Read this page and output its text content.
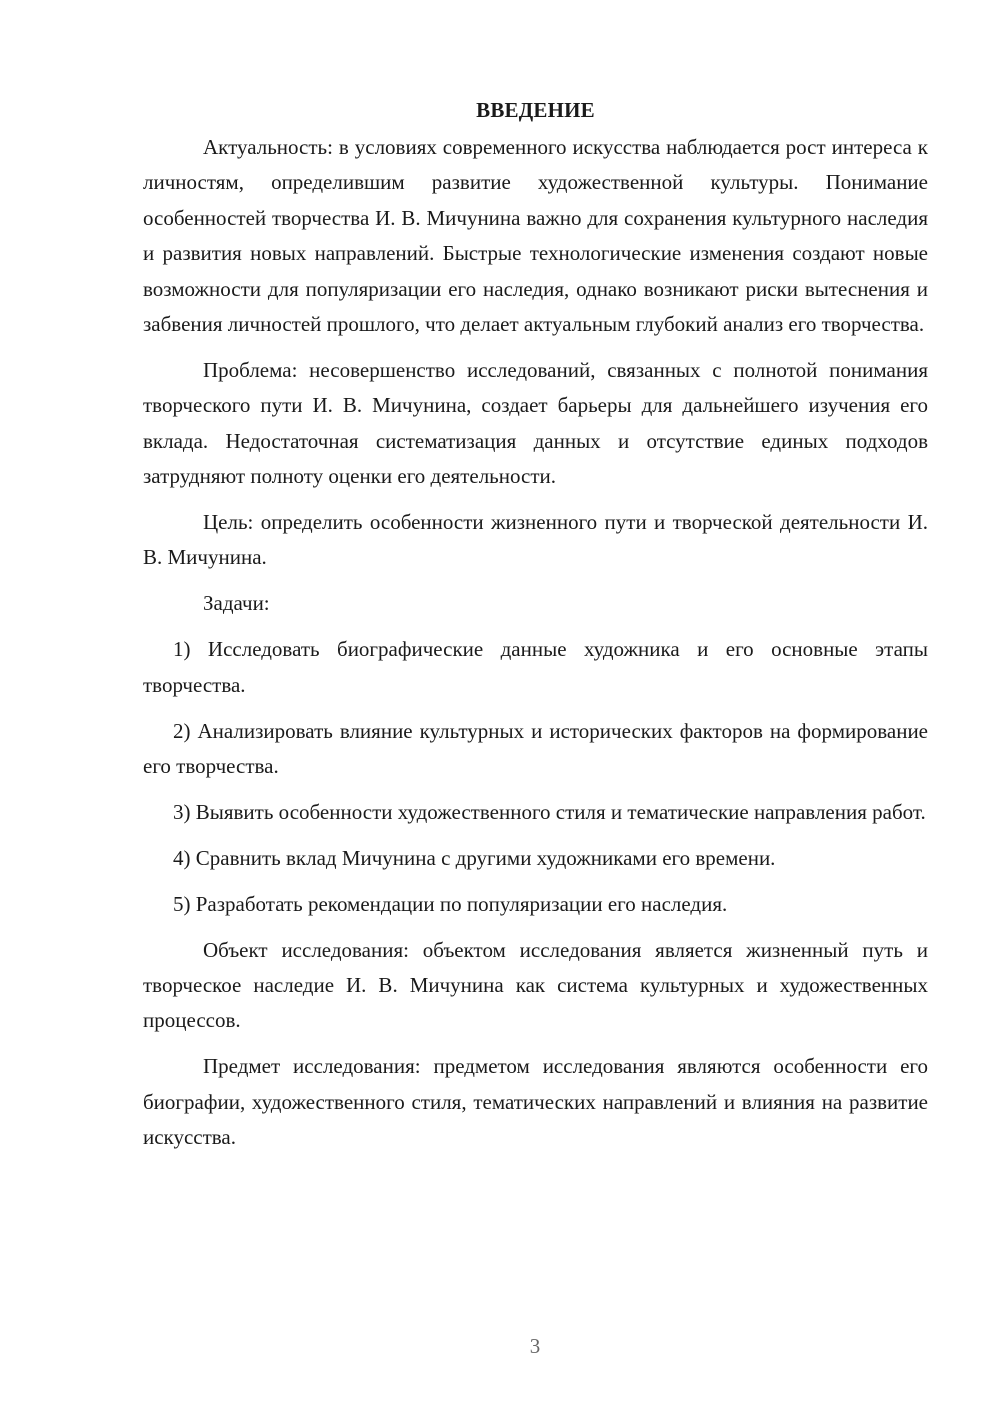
ВВЕДЕНИЕ

Актуальность: в условиях современного искусства наблюдается рост интереса к личностям, определившим развитие художественной культуры. Понимание особенностей творчества И. В. Мичунина важно для сохранения культурного наследия и развития новых направлений. Быстрые технологические изменения создают новые возможности для популяризации его наследия, однако возникают риски вытеснения и забвения личностей прошлого, что делает актуальным глубокий анализ его творчества.

Проблема: несовершенство исследований, связанных с полнотой понимания творческого пути И. В. Мичунина, создает барьеры для дальнейшего изучения его вклада. Недостаточная систематизация данных и отсутствие единых подходов затрудняют полноту оценки его деятельности.

Цель: определить особенности жизненного пути и творческой деятельности И. В. Мичунина.

Задачи:

1) Исследовать биографические данные художника и его основные этапы творчества.

2) Анализировать влияние культурных и исторических факторов на формирование его творчества.

3) Выявить особенности художественного стиля и тематические направления работ.

4) Сравнить вклад Мичунина с другими художниками его времени.

5) Разработать рекомендации по популяризации его наследия.

Объект исследования: объектом исследования является жизненный путь и творческое наследие И. В. Мичунина как система культурных и художественных процессов.

Предмет исследования: предметом исследования являются особенности его биографии, художественного стиля, тематических направлений и влияния на развитие искусства.

3
